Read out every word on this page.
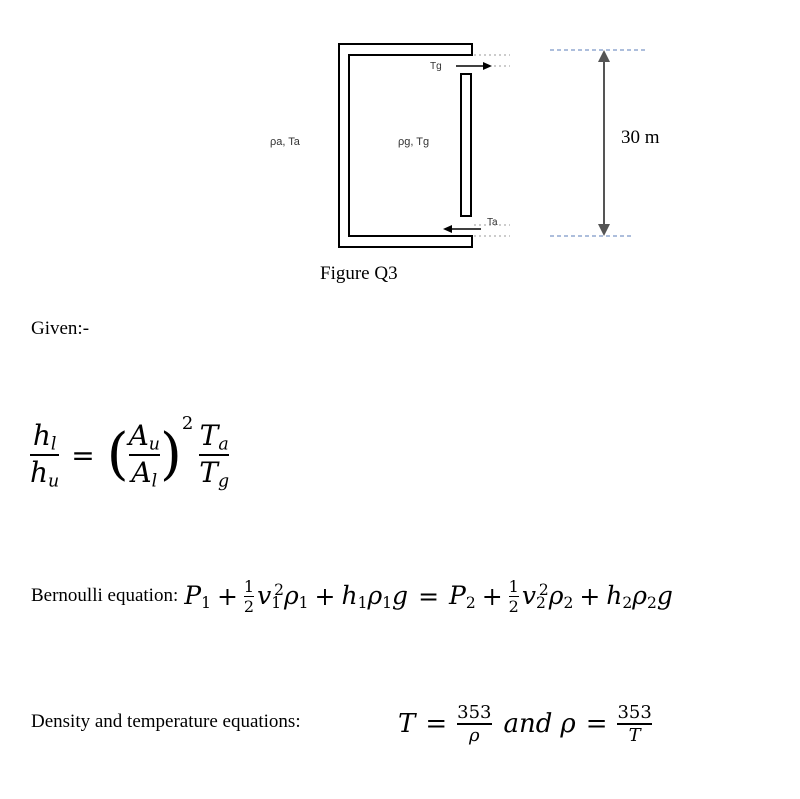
ρa, Ta	ρg, Tg
Tg
Ta
30 m
Figure Q3
Given:-
$\frac{h_l}{h_u}$ = ( $\frac{A_u}{A_l}$ ) $2 \frac{T_a}{T_g}$
Bernoulli equation: $P_1 + \frac{1}{2} v_1^2\rho_1 + h_1\rho_1g = P_2 + \frac{1}{2} v_2^2\rho_2 + h_2\rho_2g$
Density and temperature equations:	$T = \frac{353}{\rho}$ and $\rho = \frac{353}{T}$
